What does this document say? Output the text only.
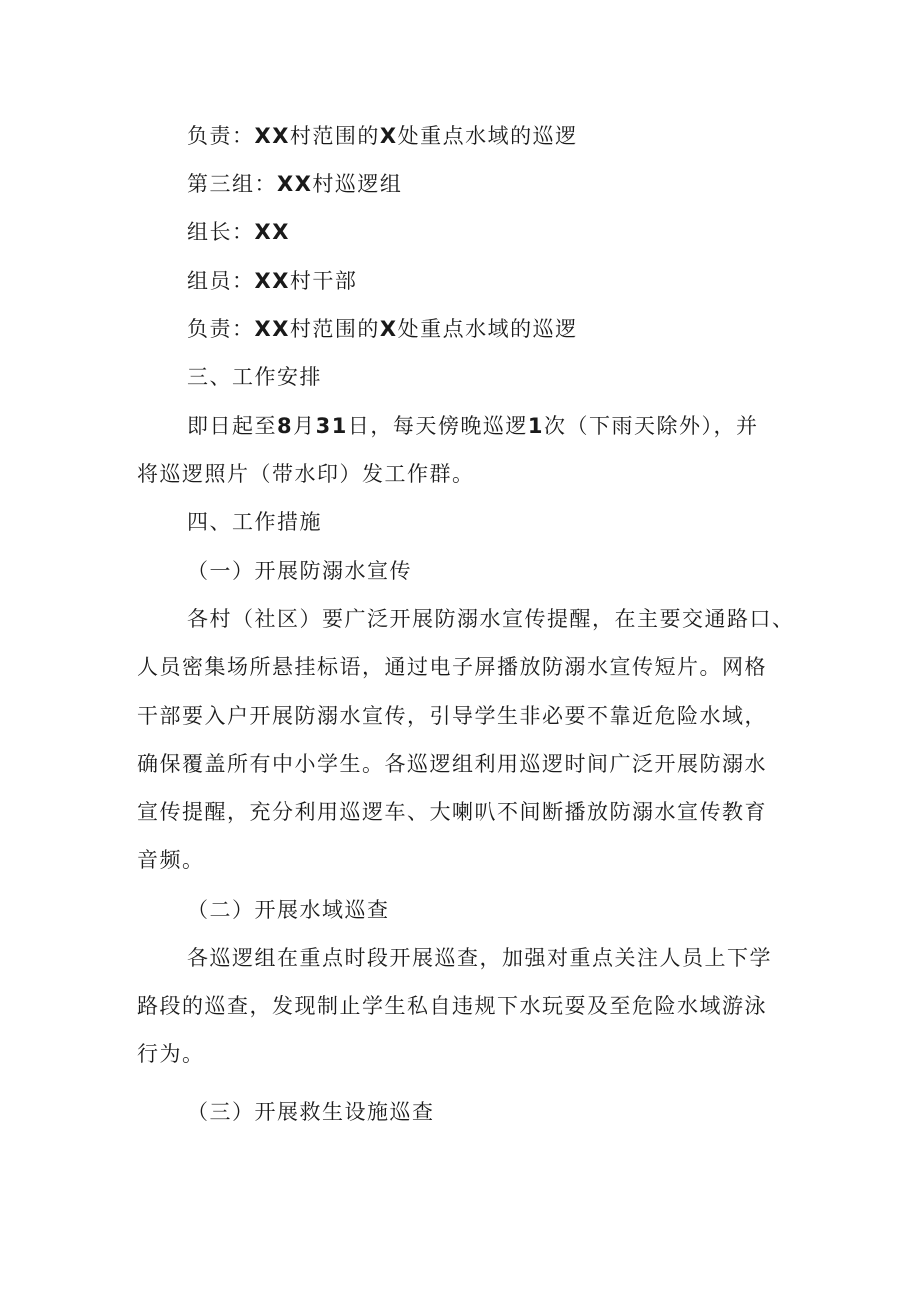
负责：XX村范围的X处重点水域的巡逻
第三组：XX村巡逻组
组长：XX
组员：XX村干部
负责：XX村范围的X处重点水域的巡逻
三、工作安排
即日起至8月31日，每天傍晚巡逻1次（下雨天除外），并
将巡逻照片（带水印）发工作群。
四、工作措施
（一）开展防溺水宣传
各村（社区）要广泛开展防溺水宣传提醒，在主要交通路口、
人员密集场所悬挂标语，通过电子屏播放防溺水宣传短片。网格
干部要入户开展防溺水宣传，引导学生非必要不靠近危险水域，
确保覆盖所有中小学生。各巡逻组利用巡逻时间广泛开展防溺水
宣传提醒，充分利用巡逻车、大喇叭不间断播放防溺水宣传教育
音频。
（二）开展水域巡查
各巡逻组在重点时段开展巡查，加强对重点关注人员上下学
路段的巡查，发现制止学生私自违规下水玩耍及至危险水域游泳
行为。
（三）开展救生设施巡查
